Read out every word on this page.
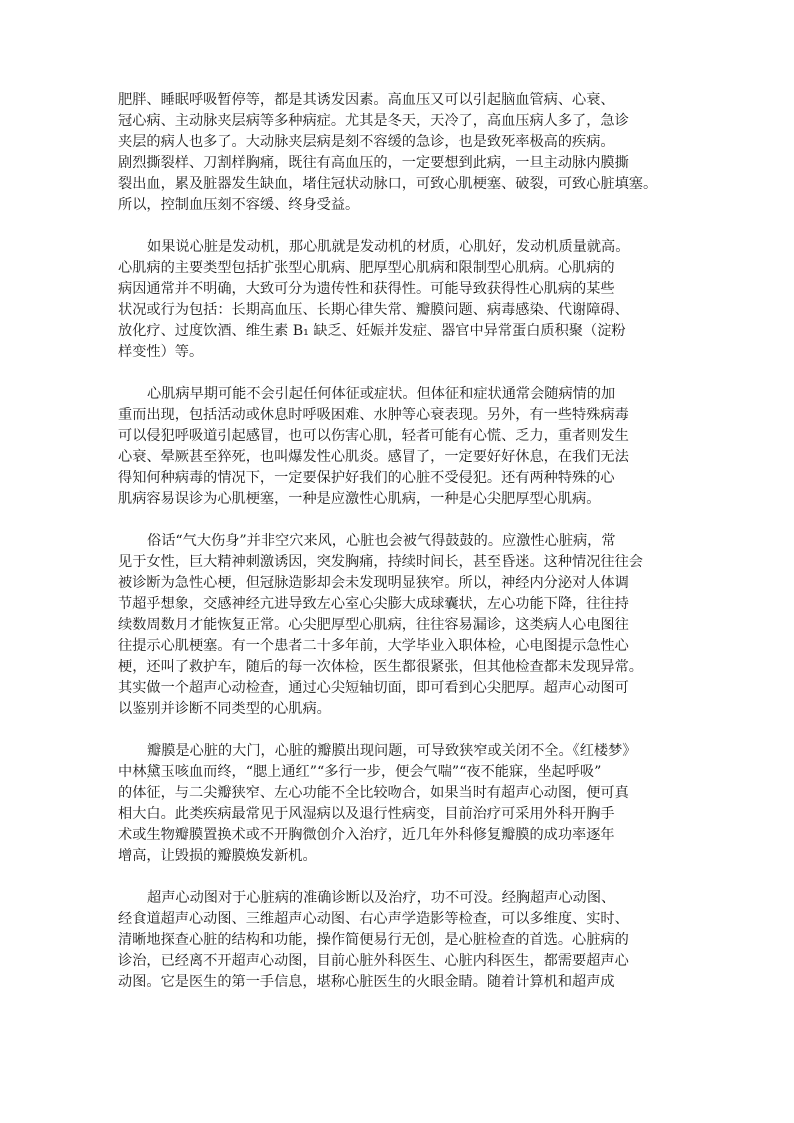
肥胖、睡眠呼吸暂停等，都是其诱发因素。高血压又可以引起脑血管病、心衰、
冠心病、主动脉夹层病等多种病症。尤其是冬天，天冷了，高血压病人多了，急诊
夹层的病人也多了。大动脉夹层病是刻不容缓的急诊，也是致死率极高的疾病。
剧烈撕裂样、刀割样胸痛，既往有高血压的，一定要想到此病，一旦主动脉内膜撕
裂出血，累及脏器发生缺血，堵住冠状动脉口，可致心肌梗塞、破裂，可致心脏填塞。
所以，控制血压刻不容缓、终身受益。
如果说心脏是发动机，那心肌就是发动机的材质，心肌好，发动机质量就高。
心肌病的主要类型包括扩张型心肌病、肥厚型心肌病和限制型心肌病。心肌病的
病因通常并不明确，大致可分为遗传性和获得性。可能导致获得性心肌病的某些
状况或行为包括：长期高血压、长期心律失常、瓣膜问题、病毒感染、代谢障碍、
放化疗、过度饮酒、维生素 B₁ 缺乏、妊娠并发症、器官中异常蛋白质积聚（淀粉
样变性）等。
心肌病早期可能不会引起任何体征或症状。但体征和症状通常会随病情的加
重而出现，包括活动或休息时呼吸困难、水肿等心衰表现。另外，有一些特殊病毒
可以侵犯呼吸道引起感冒，也可以伤害心肌，轻者可能有心慌、乏力，重者则发生
心衰、晕厥甚至猝死，也叫爆发性心肌炎。感冒了，一定要好好休息，在我们无法
得知何种病毒的情况下，一定要保护好我们的心脏不受侵犯。还有两种特殊的心
肌病容易误诊为心肌梗塞，一种是应激性心肌病，一种是心尖肥厚型心肌病。
俗话“气大伤身”并非空穴来风，心脏也会被气得鼓鼓的。应激性心脏病，常
见于女性，巨大精神刺激诱因，突发胸痛，持续时间长，甚至昏迷。这种情况往往会
被诊断为急性心梗，但冠脉造影却会未发现明显狭窄。所以，神经内分泌对人体调
节超乎想象，交感神经亢进导致左心室心尖膨大成球囊状，左心功能下降，往往持
续数周数月才能恢复正常。心尖肥厚型心肌病，往往容易漏诊，这类病人心电图往
往提示心肌梗塞。有一个患者二十多年前，大学毕业入职体检，心电图提示急性心
梗，还叫了救护车，随后的每一次体检，医生都很紧张，但其他检查都未发现异常。
其实做一个超声心动检查，通过心尖短轴切面，即可看到心尖肥厚。超声心动图可
以鉴别并诊断不同类型的心肌病。
瓣膜是心脏的大门，心脏的瓣膜出现问题，可导致狭窄或关闭不全。《红楼梦》
中林黛玉咳血而终，“腮上通红”“多行一步，便会气喘”“夜不能寐，坐起呼吸”
的体征，与二尖瓣狭窄、左心功能不全比较吻合，如果当时有超声心动图，便可真
相大白。此类疾病最常见于风湿病以及退行性病变，目前治疗可采用外科开胸手
术或生物瓣膜置换术或不开胸微创介入治疗，近几年外科修复瓣膜的成功率逐年
增高，让毁损的瓣膜焕发新机。
超声心动图对于心脏病的准确诊断以及治疗，功不可没。经胸超声心动图、
经食道超声心动图、三维超声心动图、右心声学造影等检查，可以多维度、实时、
清晰地探查心脏的结构和功能，操作简便易行无创，是心脏检查的首选。心脏病的
诊治，已经离不开超声心动图，目前心脏外科医生、心脏内科医生，都需要超声心
动图。它是医生的第一手信息，堪称心脏医生的火眼金睛。随着计算机和超声成
